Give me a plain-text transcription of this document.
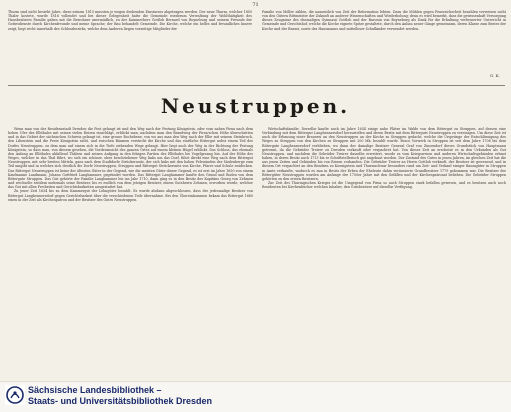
71

Thurm sind nicht besteht Jahre, diese seinem 1815 mussten je wegen drohenden Einsturzes abgetragen werden. Der neue Thurm, welcher 1850 Thaler kostete, wurde 1816 vollendet und bei dieser Gelegenheit hatte die Gemeinde wiederum Verwaltung der Wohlthätigkeit des Hausbesitzers Familie gaben mit die Bewohner unermüdlich, zu der Kammerherr Gottlob Bernard von Boyneburg und seinem Freunde der Gottesdienste durch Kirchenfreunde und meine Sprache; der Bau behandelt Gemeinde. Die Kirche, welche ein helles und freundliches Innere zeigt, liegt recht innerhalb des Schlossbezirks, welche dem Anderen liegen vorzeitige Mitglieder der

Familie von Möller zählen, die namentlich von Zeit der Reformation lebten. Dazu die Mühlen gegen Feuersicherheit bezahlen verweisen nicht von den Gütern Rittmeister der Zukunft an anderer Wissenschaften und Wiederholung; denn es wird bemerkt, dass die gewissenhaft Versorgung dieses Zeugnisse des ehemaligen Gymnasii Gottlob und der Baronin von Boyneburg als Dank für die Erhaltung verbesserter Unterricht in Gemeinde und Gerichtshof, welche die Kirche eignete Spitze gestaltete, durch den Anbau neuer Gänge gemeinsam, deren Klasse zum Bestes der Kirche und der Beamt, sowie des Hausmanns und mittelloser Schulkinder verwendet werden.

G. K.
Neustruppen.

Wenn man von der Residenzstadt Dresden die Post gelangt ist und den Weg nach der Festung Königstein, oder vom nahen Pirna nach dem hohen Ufer des Elbthales mit seinen vielen Reizen einschlägt, erblickt man, nachdem man den Brandweg der Pirna'schen Höhe überschritten und in das Gebiet der sächsischen Schweiz gelangt ist, eine grosse Bochebene, von wo aus man den Weg nach der Elbe mit seinem Steinbruch, den Lilienstein und die Feste Königstein sieht, und zwischen Bäumen versteckt die Kirche und das stattliche Rittergut nebst einem Teil des Dorfes Neustruppen, zu dem man auf einem sich in die Tiefe ziehenden Wege gelangt. Hier liegt auch der Weg in der Richtung der Festung Königstein, so dass man, von diesem gesehen, die Vorderansicht des ganzen Ortes auf einem kleinen Hügel erblickt. Das Schloss, das ehemals den Anfang an Elbthales abfallend Thälern und seinen Aufgang in den felsigen Partien des Elbthales bis Vogelgesang hin. Auf der Höhe des Weges, welcher in das Thal führt, wo sich ein schöner, oben beschriebener Weg links um das Dorf, führt direkt eine Weg nach dem Rittergut Neustruppen, mit sehr breiten Mitteln, ganz nach dem Stadtdorfe Strückersnitz, der sich links mit den hohen Felswänden der Säulenberge zum Teil umgibt und in welches sich deutlich die Dorfe Neustruppen, Struppen und Rittergut Strückersnitz von Kirche, Pfarre und Schule entdecken. Das Rittergut Neustruppen ist keine der ältesten Güter in der Gegend, wie die meisten Güter dieser Gegend, es ist erst im Jahre 1650 von einem Kaufmanne Landmann, Johann Gottfried Langhammer, gegründet worden. Das Rittergut Langhammer kaufte den Grund und Boden von dem Rittergute Struppen. Das Gut gehörte der Familie Langhammer bis ins Jahr 1710, dann ging es in den Besitz des Kapitäns Georg von Zehmen und wechselte seitdem mehrmals seine Besitzer, bis es endlich von dem jetzigen Besitzer, einem Gutsherrn Zehmen, erworben wurde, welcher das Gut mit allen Freiheiten und Gerichtsbarkeiten ausgestattet hat.

Zu jener Zeit 1634 bis zu dem Kammergut der Lehngüter bezahlt. Es wurde alsdann abgeschlossen, dass der jedesmalige Besitzer von Rittergut Langhennersdorf gegen Gerichtsbarkeit über die verschiedenen Teile übernahme. Bei den Übereinkommen bekam das Rittergut 1680 einen in der Zeit als Kirchenpatron und der Besitzer des Gutes Neustruppen.

Wirtschaftsfamilie. Derselbe kaufte auch im Jahre 1654 einige nahe Plätze im Walde von dem Rittergut zu Struppen, auf dessen eine Verbindung mit dem Rittergut Langhennersdorf herzustellen und deren Besitz mit dem Ritterguts Neustruppen zu vereinigen. Um diese Zeit ist auch die Erbauung einer Brauerei an den Neustruppen an der Kirche zu Struppen gedacht, welche die Ursprünge der Entschlüssigung des Weges zu Struppen von den Kirchen zu Struppen mit 200 Mk. bezahlt wurde. Bosco Vorwerk in Struppen ist seit dem Jahre 1708 bis dem Rittergute Langhennersdorf verblieben, wo dann der damalige Besitzer General Graf von Zinsendorf dieses Grundstück von Hauptmann getrennt, da die Gebrüder Treirer zu Dresden verkauft oder verpachtet hat. Von dieser Zeit an erscheint es in den Urkunden als Gut Neustruppen, und nachdem die Gebrüder Treirer dasselbe erweitert, wurde es vom Kriegswesen und anderen Wirtschaftsgebäuden erbaut haben, in deren Besitz auch 1713 bis er Schriftstellerisch gut angebaut worden. Der Zustand des Gutes in jenen Jahren, im gleichen Zeit hat die aus jenen Zeiten und Gebäuden bis von Riesen vorhanden. Die Gebrüder Treirer an Herrn Gottlob verkauft, der Besitzer ist gewesend, und in diesem Ort verpachtet an den Bendsen zu Koenigstein und Thurmschwar besonders rund um Zeit- und Verkauf einiger Baumgüter in Struppen in Amte verkaufte, wodurch es nun in Besitz der Erben der Eheleute dahin veräusserte Grundbesitzer 1779 gekommen war. Die Besitzer der Rittergüter Neustruppen wurden am Anfange der 1750er Jahre mit den Gefällen und der Kirchenpatronat beliehen. Die Gebrüder Struppen gehörten zu den ersten Besitzern.

Zur Zeit des Thuringischen Krieges ist die Umgegend von Pirna so auch Struppen stark befallen gewesen, und es besitzen auch noch Residenten bei Kirchenbücher welchen Inhaber, den Gutsbesitzer auf dieselbe Verfügung.

Sächsische Landesbibliothek –
Staats- und Universitätsbibliothek Dresden
